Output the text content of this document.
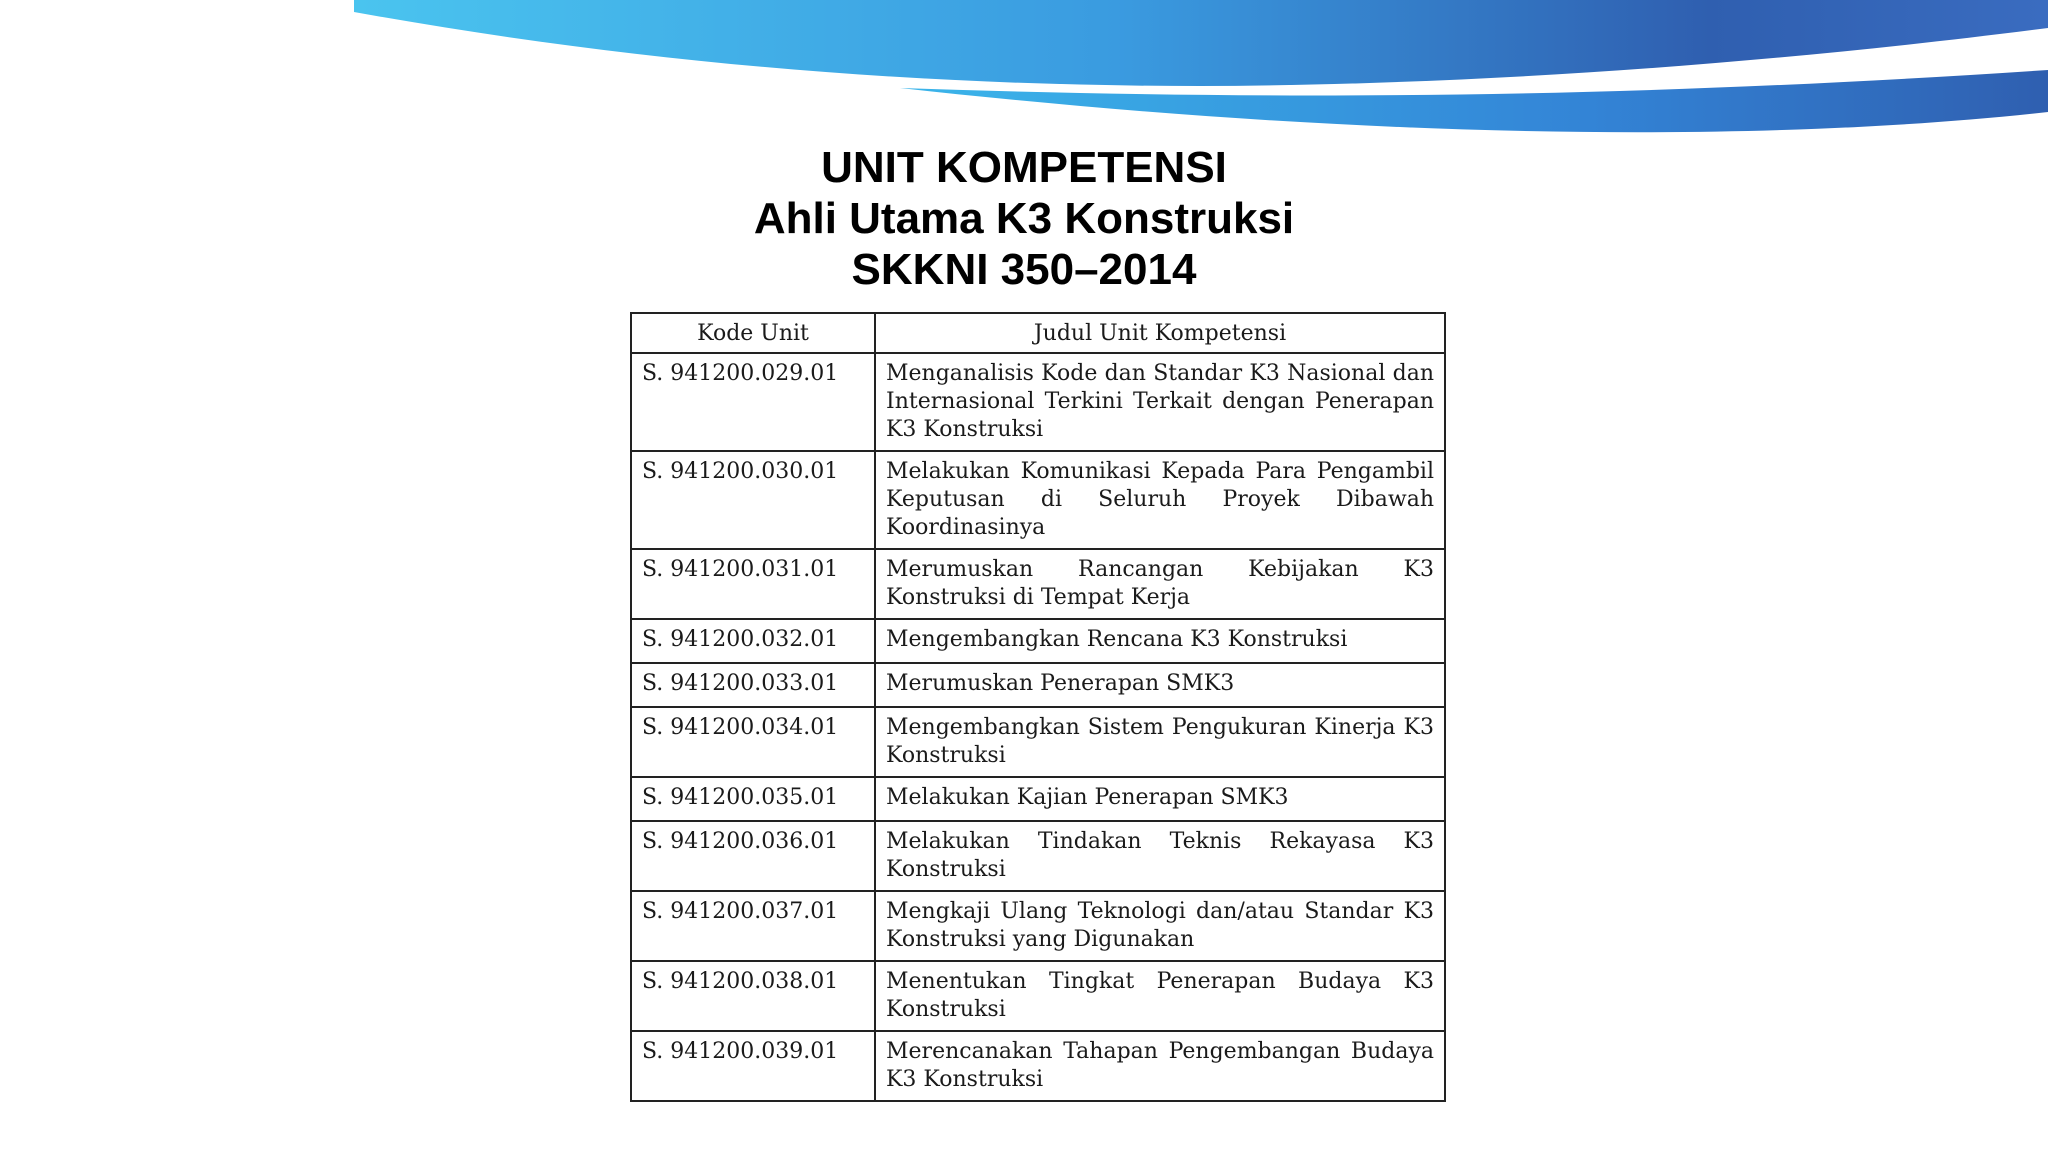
UNIT KOMPETENSI
Ahli Utama K3 Konstruksi
SKKNI 350–2014
Kode Unit	Judul Unit Kompetensi
S. 941200.029.01	Menganalisis Kode dan Standar K3 Nasional dan Internasional Terkini Terkait dengan Penerapan K3 Konstruksi
S. 941200.030.01	Melakukan Komunikasi Kepada Para Pengambil Keputusan di Seluruh Proyek Dibawah Koordinasinya
S. 941200.031.01	Merumuskan Rancangan Kebijakan K3 Konstruksi di Tempat Kerja
S. 941200.032.01	Mengembangkan Rencana K3 Konstruksi
S. 941200.033.01	Merumuskan Penerapan SMK3
S. 941200.034.01	Mengembangkan Sistem Pengukuran Kinerja K3 Konstruksi
S. 941200.035.01	Melakukan Kajian Penerapan SMK3
S. 941200.036.01	Melakukan Tindakan Teknis Rekayasa K3 Konstruksi
S. 941200.037.01	Mengkaji Ulang Teknologi dan/atau Standar K3 Konstruksi yang Digunakan
S. 941200.038.01	Menentukan Tingkat Penerapan Budaya K3 Konstruksi
S. 941200.039.01	Merencanakan Tahapan Pengembangan Budaya K3 Konstruksi
